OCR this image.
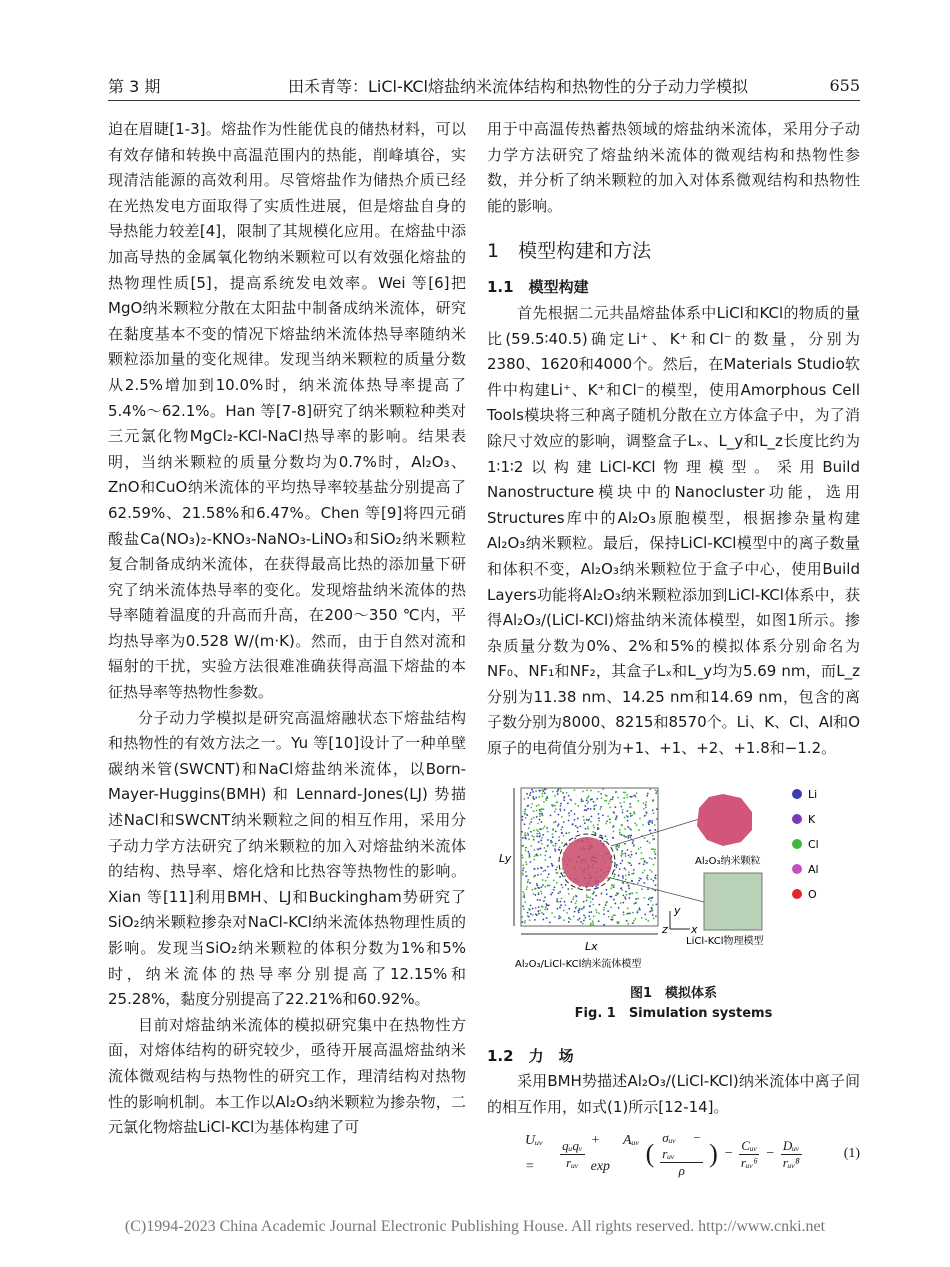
第 3 期	田禾青等：LiCl-KCl熔盐纳米流体结构和热物性的分子动力学模拟	655

迫在眉睫[1-3]。熔盐作为性能优良的储热材料，可以有效存储和转换中高温范围内的热能，削峰填谷，实现清洁能源的高效利用。尽管熔盐作为储热介质已经在光热发电方面取得了实质性进展，但是熔盐自身的导热能力较差[4]，限制了其规模化应用。在熔盐中添加高导热的金属氧化物纳米颗粒可以有效强化熔盐的热物理性质[5]，提高系统发电效率。Wei 等[6]把MgO纳米颗粒分散在太阳盐中制备成纳米流体，研究在黏度基本不变的情况下熔盐纳米流体热导率随纳米颗粒添加量的变化规律。发现当纳米颗粒的质量分数从2.5%增加到10.0%时，纳米流体热导率提高了5.4%～62.1%。Han 等[7-8]研究了纳米颗粒种类对三元氯化物MgCl₂-KCl-NaCl热导率的影响。结果表明，当纳米颗粒的质量分数均为0.7%时，Al₂O₃、ZnO和CuO纳米流体的平均热导率较基盐分别提高了62.59%、21.58%和6.47%。Chen 等[9]将四元硝酸盐Ca(NO₃)₂-KNO₃-NaNO₃-LiNO₃和SiO₂纳米颗粒复合制备成纳米流体，在获得最高比热的添加量下研究了纳米流体热导率的变化。发现熔盐纳米流体的热导率随着温度的升高而升高，在200～350 ℃内，平均热导率为0.528 W/(m·K)。然而，由于自然对流和辐射的干扰，实验方法很难准确获得高温下熔盐的本征热导率等热物性参数。

分子动力学模拟是研究高温熔融状态下熔盐结构和热物性的有效方法之一。Yu 等[10]设计了一种单壁碳纳米管(SWCNT)和NaCl熔盐纳米流体，以Born-Mayer-Huggins(BMH) 和 Lennard-Jones(LJ) 势描述NaCl和SWCNT纳米颗粒之间的相互作用，采用分子动力学方法研究了纳米颗粒的加入对熔盐纳米流体的结构、热导率、熔化焓和比热容等热物性的影响。Xian 等[11]利用BMH、LJ和Buckingham势研究了SiO₂纳米颗粒掺杂对NaCl-KCl纳米流体热物理性质的影响。发现当SiO₂纳米颗粒的体积分数为1%和5%时，纳米流体的热导率分别提高了12.15%和25.28%，黏度分别提高了22.21%和60.92%。

目前对熔盐纳米流体的模拟研究集中在热物性方面，对熔体结构的研究较少，亟待开展高温熔盐纳米流体微观结构与热物性的研究工作，理清结构对热物性的影响机制。本工作以Al₂O₃纳米颗粒为掺杂物，二元氯化物熔盐LiCl-KCl为基体构建了可

用于中高温传热蓄热领域的熔盐纳米流体，采用分子动力学方法研究了熔盐纳米流体的微观结构和热物性参数，并分析了纳米颗粒的加入对体系微观结构和热物性能的影响。

1　模型构建和方法
1.1　模型构建

首先根据二元共晶熔盐体系中LiCl和KCl的物质的量比(59.5∶40.5)确定Li⁺、K⁺和Cl⁻的数量，分别为2380、1620和4000个。然后，在Materials Studio软件中构建Li⁺、K⁺和Cl⁻的模型，使用Amorphous Cell Tools模块将三种离子随机分散在立方体盒子中，为了消除尺寸效应的影响，调整盒子Lₓ、L_y和L_z长度比约为1∶1∶2以构建LiCl-KCl物理模型。采用Build Nanostructure模块中的Nanocluster功能，选用Structures库中的Al₂O₃原胞模型，根据掺杂量构建Al₂O₃纳米颗粒。最后，保持LiCl-KCl模型中的离子数量和体积不变，Al₂O₃纳米颗粒位于盒子中心，使用Build Layers功能将Al₂O₃纳米颗粒添加到LiCl-KCl体系中，获得Al₂O₃/(LiCl-KCl)熔盐纳米流体模型，如图1所示。掺杂质量分数为0%、2%和5%的模拟体系分别命名为NF₀、NF₁和NF₂，其盒子Lₓ和L_y均为5.69 nm，而L_z分别为11.38 nm、14.25 nm和14.69 nm，包含的离子数分别为8000、8215和8570个。Li、K、Cl、Al和O原子的电荷值分别为+1、+1、+2、+1.8和−1.2。

Ly
Lx
Al₂O₃/LiCl-KCl纳米流体模型
Al₂O₃纳米颗粒
LiCl-KCl物理模型
y
x
z
Li
K
Cl
Al
O
图1　模拟体系
Fig. 1　Simulation systems
1.2　力　场

采用BMH势描述Al₂O₃/(LiCl-KCl)纳米流体中离子间的相互作用，如式(1)所示[12-14]。

Uᵤᵥ =	$\frac{\text{qᵤqᵥ}}{\text{rᵤᵥ}}$ + Aᵤᵥ exp	( $\frac{\text{σᵤᵥ − rᵤᵥ}}{\rho}$ ) − $\frac{\text{Cᵤᵥ}}{\text{rᵤᵥ⁶}} - \frac{\text{Dᵤᵥ}}{\text{rᵤᵥ⁸}}$	(1)
(C)1994-2023 China Academic Journal Electronic Publishing House. All rights reserved. http://www.cnki.net
